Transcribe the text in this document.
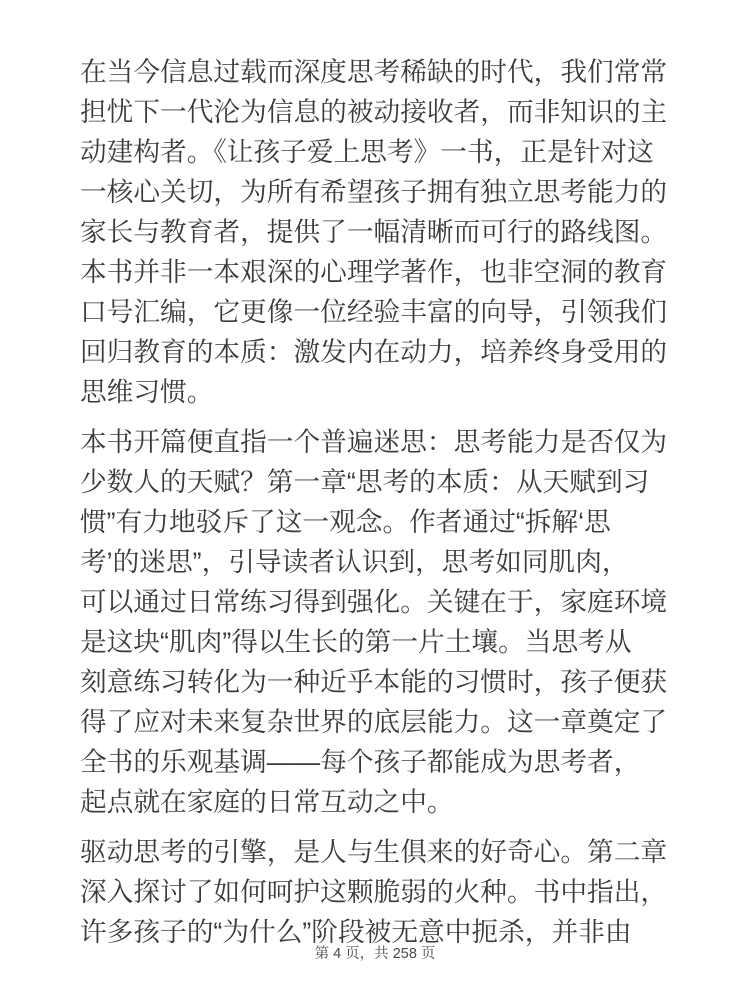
在当今信息过载而深度思考稀缺的时代，我们常常
担忧下一代沦为信息的被动接收者，而非知识的主
动建构者。《让孩子爱上思考》一书，正是针对这
一核心关切，为所有希望孩子拥有独立思考能力的
家长与教育者，提供了一幅清晰而可行的路线图。
本书并非一本艰深的心理学著作，也非空洞的教育
口号汇编，它更像一位经验丰富的向导，引领我们
回归教育的本质：激发内在动力，培养终身受用的
思维习惯。

本书开篇便直指一个普遍迷思：思考能力是否仅为
少数人的天赋？第一章“思考的本质：从天赋到习
惯”有力地驳斥了这一观念。作者通过“拆解‘思
考’的迷思”，引导读者认识到，思考如同肌肉，
可以通过日常练习得到强化。关键在于，家庭环境
是这块“肌肉”得以生长的第一片土壤。当思考从
刻意练习转化为一种近乎本能的习惯时，孩子便获
得了应对未来复杂世界的底层能力。这一章奠定了
全书的乐观基调——每个孩子都能成为思考者，
起点就在家庭的日常互动之中。

驱动思考的引擎，是人与生俱来的好奇心。第二章
深入探讨了如何呵护这颗脆弱的火种。书中指出，
许多孩子的“为什么”阶段被无意中扼杀，并非由

第 4 页，共 258 页
